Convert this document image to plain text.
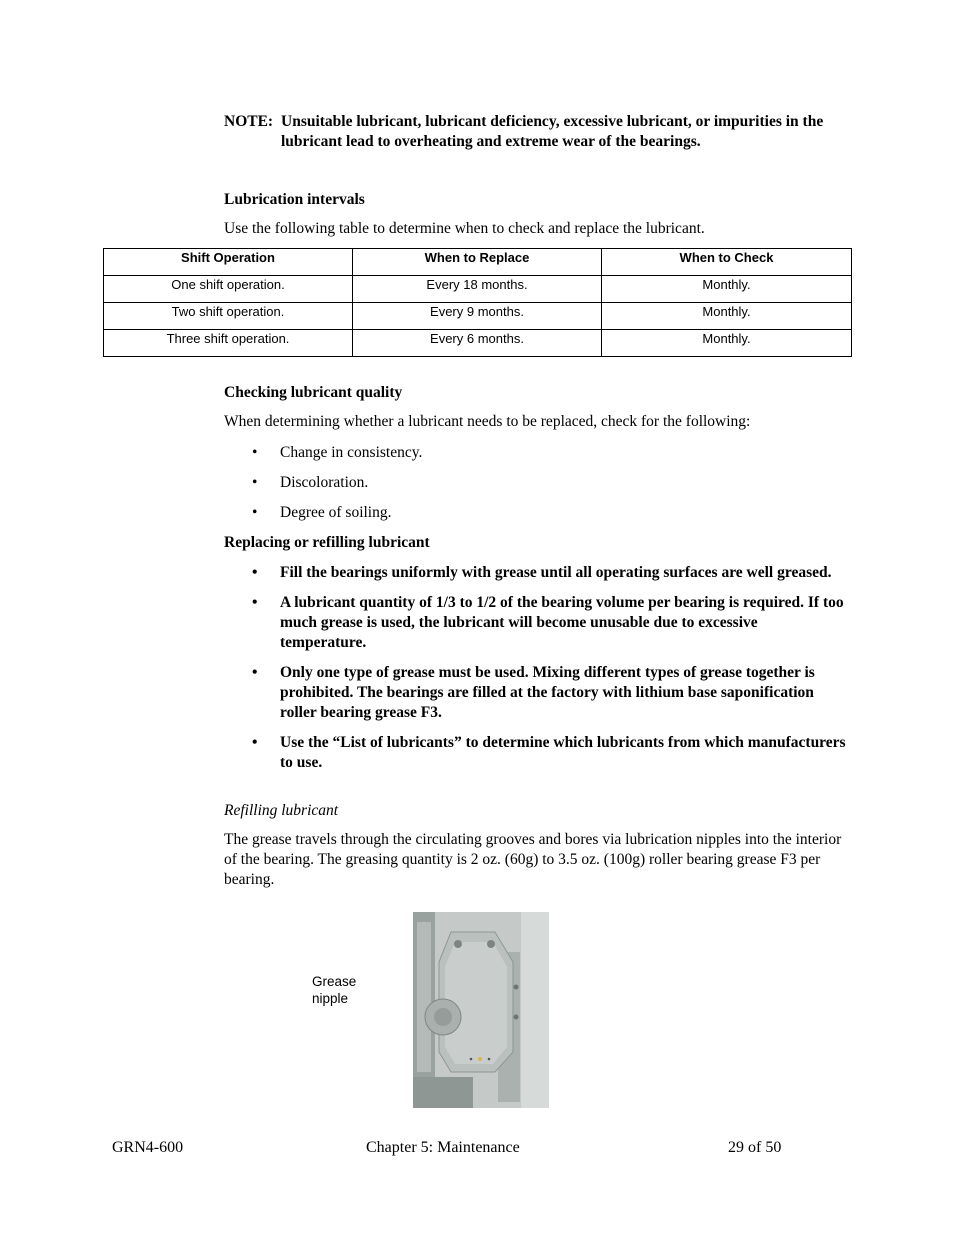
NOTE: Unsuitable lubricant, lubricant deficiency, excessive lubricant, or impurities in the lubricant lead to overheating and extreme wear of the bearings.
Lubrication intervals
Use the following table to determine when to check and replace the lubricant.
Shift Operation	When to Replace	When to Check
One shift operation.	Every 18 months.	Monthly.
Two shift operation.	Every 9 months.	Monthly.
Three shift operation.	Every 6 months.	Monthly.
Checking lubricant quality
When determining whether a lubricant needs to be replaced, check for the following:
• Change in consistency.
• Discoloration.
• Degree of soiling.
Replacing or refilling lubricant
• Fill the bearings uniformly with grease until all operating surfaces are well greased.
• A lubricant quantity of 1/3 to 1/2 of the bearing volume per bearing is required. If too much grease is used, the lubricant will become unusable due to excessive temperature.
• Only one type of grease must be used. Mixing different types of grease together is prohibited. The bearings are filled at the factory with lithium base saponification roller bearing grease F3.
• Use the “List of lubricants” to determine which lubricants from which manufacturers to use.
Refilling lubricant
The grease travels through the circulating grooves and bores via lubrication nipples into the interior of the bearing. The greasing quantity is 2 oz. (60g) to 3.5 oz. (100g) roller bearing grease F3 per bearing.
Grease nipple
GRN4-600	Chapter 5: Maintenance	29 of 50
